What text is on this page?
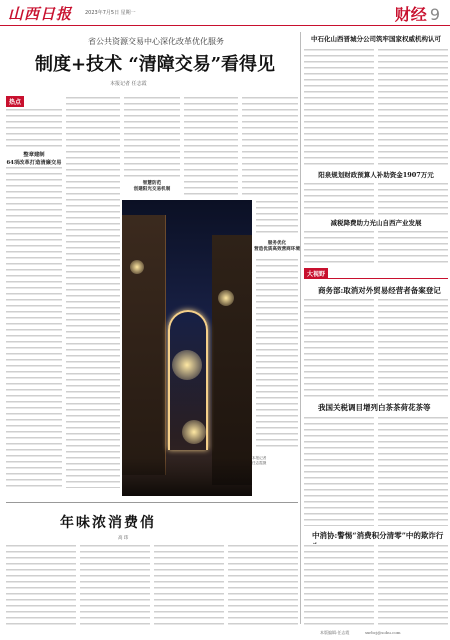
山西日报	2023年7月5日 星期一	财经 9
省公共资源交易中心深化改革优化服务
制度+技术 “清障交易”看得见
本报记者 任志霞
热点
整章建制
64项改革打造清廉交易
智慧防范
创建阳光交易机制
服务优化
营造优质高效营商环境
本报记者 任志霞摄
中石化山西晋城分公司筑牢国家权威机构认可
阳泉规划财政预算人补助资金1907万元
减税降费助力光山自西产业发展
大视野
商务部:取消对外贸易经营者备案登记
我国关税调目增列白茶茶荷花茶等
中消协:警惕“消费积分清零”中的欺诈行
年味浓消费俏
高 玮
本版编辑:任志霞	sxrbcj@sohu.com
